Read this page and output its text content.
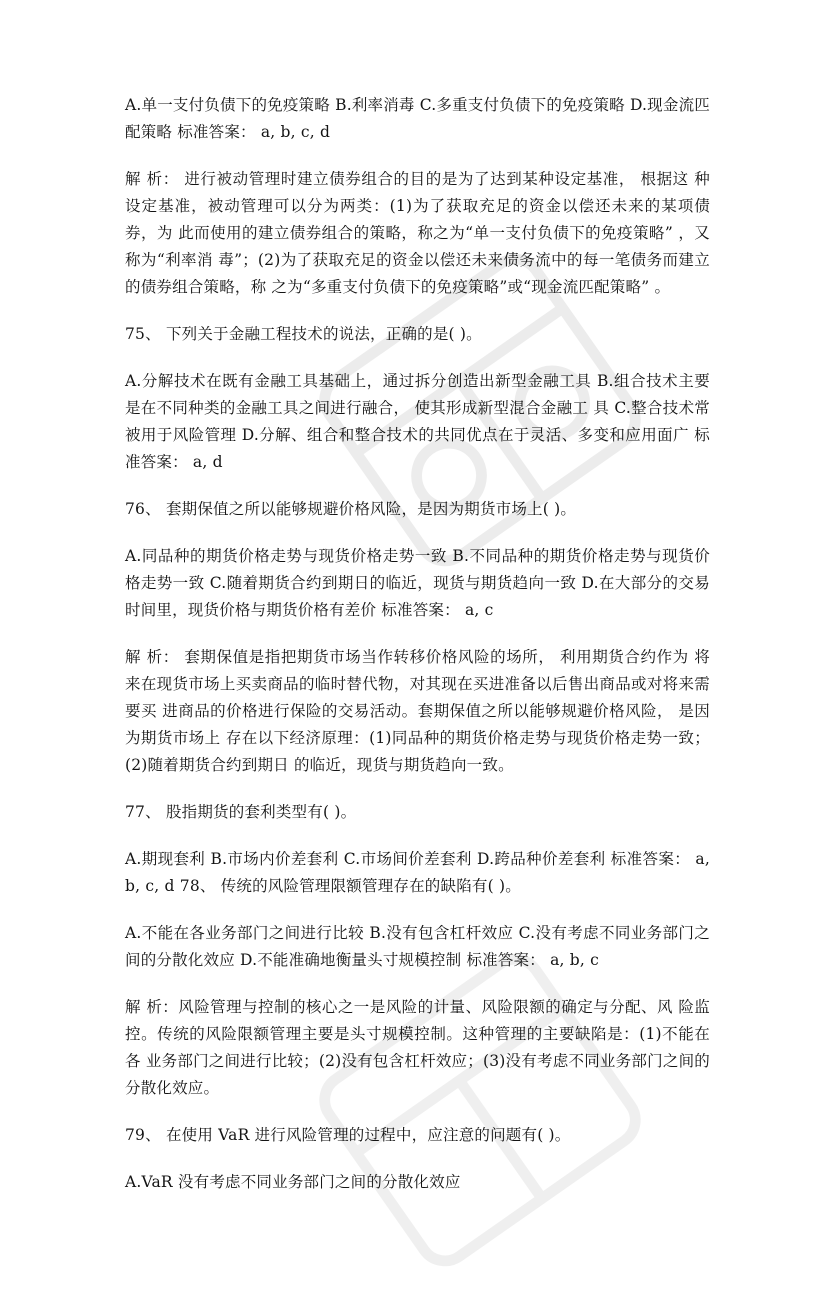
A.单一支付负债下的免疫策略 B.利率消毒 C.多重支付负债下的免疫策略 D.现金流匹配策略 标准答案： a, b, c, d

解 析： 进行被动管理时建立债券组合的目的是为了达到某种设定基准， 根据这 种设定基准，被动管理可以分为两类：(1)为了获取充足的资金以偿还未来的某项债券，为 此而使用的建立债券组合的策略，称之为“单一支付负债下的免疫策略” ，又称为“利率消 毒”；(2)为了获取充足的资金以偿还未来债务流中的每一笔债务而建立的债券组合策略，称 之为“多重支付负债下的免疫策略”或“现金流匹配策略” 。

75、 下列关于金融工程技术的说法，正确的是( )。

A.分解技术在既有金融工具基础上，通过拆分创造出新型金融工具 B.组合技术主要是在不同种类的金融工具之间进行融合， 使其形成新型混合金融工 具 C.整合技术常被用于风险管理 D.分解、组合和整合技术的共同优点在于灵活、多变和应用面广 标准答案： a, d

76、 套期保值之所以能够规避价格风险，是因为期货市场上( )。

A.同品种的期货价格走势与现货价格走势一致 B.不同品种的期货价格走势与现货价格走势一致 C.随着期货合约到期日的临近，现货与期货趋向一致 D.在大部分的交易时间里，现货价格与期货价格有差价 标准答案： a, c

解 析： 套期保值是指把期货市场当作转移价格风险的场所， 利用期货合约作为 将来在现货市场上买卖商品的临时替代物，对其现在买进准备以后售出商品或对将来需要买 进商品的价格进行保险的交易活动。套期保值之所以能够规避价格风险， 是因为期货市场上 存在以下经济原理：(1)同品种的期货价格走势与现货价格走势一致；(2)随着期货合约到期日 的临近，现货与期货趋向一致。

77、 股指期货的套利类型有( )。

A.期现套利 B.市场内价差套利 C.市场间价差套利 D.跨品种价差套利 标准答案： a, b, c, d 78、 传统的风险管理限额管理存在的缺陷有( )。

A.不能在各业务部门之间进行比较 B.没有包含杠杆效应 C.没有考虑不同业务部门之间的分散化效应 D.不能准确地衡量头寸规模控制 标准答案： a, b, c

解 析：风险管理与控制的核心之一是风险的计量、风险限额的确定与分配、风 险监控。传统的风险限额管理主要是头寸规模控制。这种管理的主要缺陷是：(1)不能在各 业务部门之间进行比较；(2)没有包含杠杆效应；(3)没有考虑不同业务部门之间的分散化效应。

79、 在使用 VaR 进行风险管理的过程中，应注意的问题有( )。

A.VaR 没有考虑不同业务部门之间的分散化效应
